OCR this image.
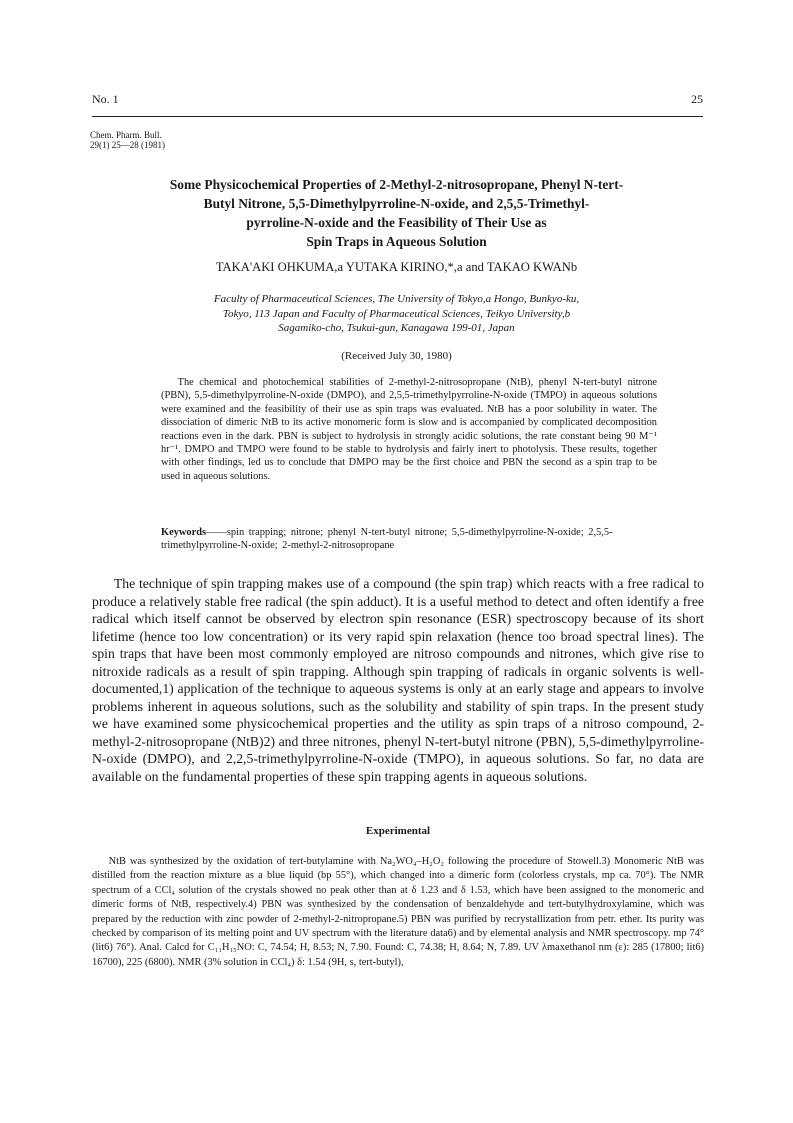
No. 1	25
Chem. Pharm. Bull.
29(1) 25—28 (1981)
Some Physicochemical Properties of 2-Methyl-2-nitrosopropane, Phenyl N-tert-
Butyl Nitrone, 5,5-Dimethylpyrroline-N-oxide, and 2,5,5-Trimethyl-
pyrroline-N-oxide and the Feasibility of Their Use as
Spin Traps in Aqueous Solution
TAKA'AKI OHKUMA,a YUTAKA KIRINO,*,a and TAKAO KWANb
Faculty of Pharmaceutical Sciences, The University of Tokyo,a Hongo, Bunkyo-ku,
Tokyo, 113 Japan and Faculty of Pharmaceutical Sciences, Teikyo University,b
Sagamiko-cho, Tsukui-gun, Kanagawa 199-01, Japan
(Received July 30, 1980)
The chemical and photochemical stabilities of 2-methyl-2-nitrosopropane (NtB), phenyl N-tert-butyl nitrone (PBN), 5,5-dimethylpyrroline-N-oxide (DMPO), and 2,5,5-trimethylpyrroline-N-oxide (TMPO) in aqueous solutions were examined and the feasibility of their use as spin traps was evaluated. NtB has a poor solubility in water. The dissociation of dimeric NtB to its active monomeric form is slow and is accompanied by complicated decomposition reactions even in the dark. PBN is subject to hydrolysis in strongly acidic solutions, the rate constant being 90 M⁻¹ hr⁻¹. DMPO and TMPO were found to be stable to hydrolysis and fairly inert to photolysis. These results, together with other findings, led us to conclude that DMPO may be the first choice and PBN the second as a spin trap to be used in aqueous solutions.
Keywords——spin trapping; nitrone; phenyl N-tert-butyl nitrone; 5,5-dimethylpyrroline-N-oxide; 2,5,5-trimethylpyrroline-N-oxide; 2-methyl-2-nitrosopropane
The technique of spin trapping makes use of a compound (the spin trap) which reacts with a free radical to produce a relatively stable free radical (the spin adduct). It is a useful method to detect and often identify a free radical which itself cannot be observed by electron spin resonance (ESR) spectroscopy because of its short lifetime (hence too low concentration) or its very rapid spin relaxation (hence too broad spectral lines). The spin traps that have been most commonly employed are nitroso compounds and nitrones, which give rise to nitroxide radicals as a result of spin trapping. Although spin trapping of radicals in organic solvents is well-documented,1) application of the technique to aqueous systems is only at an early stage and appears to involve problems inherent in aqueous solutions, such as the solubility and stability of spin traps. In the present study we have examined some physicochemical properties and the utility as spin traps of a nitroso compound, 2-methyl-2-nitrosopropane (NtB)2) and three nitrones, phenyl N-tert-butyl nitrone (PBN), 5,5-dimethylpyrroline-N-oxide (DMPO), and 2,2,5-trimethylpyrroline-N-oxide (TMPO), in aqueous solutions. So far, no data are available on the fundamental properties of these spin trapping agents in aqueous solutions.
Experimental
NtB was synthesized by the oxidation of tert-butylamine with Na₂WO₄–H₂O₂ following the procedure of Stowell.3) Monomeric NtB was distilled from the reaction mixture as a blue liquid (bp 55°), which changed into a dimeric form (colorless crystals, mp ca. 70°). The NMR spectrum of a CCl₄ solution of the crystals showed no peak other than at δ 1.23 and δ 1.53, which have been assigned to the monomeric and dimeric forms of NtB, respectively.4) PBN was synthesized by the condensation of benzaldehyde and tert-butylhydroxylamine, which was prepared by the reduction with zinc powder of 2-methyl-2-nitropropane.5) PBN was purified by recrystallization from petr. ether. Its purity was checked by comparison of its melting point and UV spectrum with the literature data6) and by elemental analysis and NMR spectroscopy. mp 74° (lit6) 76°). Anal. Calcd for C₁₁H₁₅NO: C, 74.54; H, 8.53; N, 7.90. Found: C, 74.38; H, 8.64; N, 7.89. UV λmaxethanol nm (ε): 285 (17800; lit6) 16700), 225 (6800). NMR (3% solution in CCl₄) δ: 1.54 (9H, s, tert-butyl),
